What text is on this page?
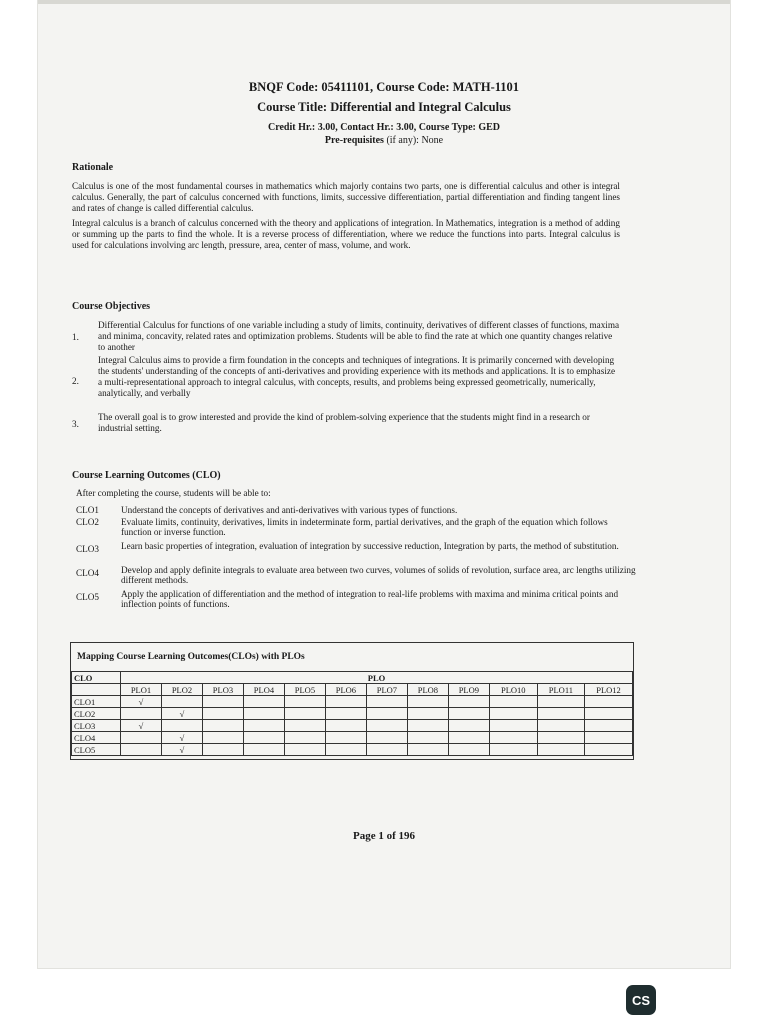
BNQF Code: 05411101, Course Code: MATH-1101
Course Title: Differential and Integral Calculus
Credit Hr.: 3.00, Contact Hr.: 3.00, Course Type: GED
Pre-requisites (if any): None
Rationale
Calculus is one of the most fundamental courses in mathematics which majorly contains two parts, one is differential calculus and other is integral calculus. Generally, the part of calculus concerned with functions, limits, successive differentiation, partial differentiation and finding tangent lines and rates of change is called differential calculus.
Integral calculus is a branch of calculus concerned with the theory and applications of integration. In Mathematics, integration is a method of adding or summing up the parts to find the whole. It is a reverse process of differentiation, where we reduce the functions into parts. Integral calculus is used for calculations involving arc length, pressure, area, center of mass, volume, and work.
Course Objectives
1.
Differential Calculus for functions of one variable including a study of limits, continuity, derivatives of different classes of functions, maxima and minima, concavity, related rates and optimization problems. Students will be able to find the rate at which one quantity changes relative to another
2.
Integral Calculus aims to provide a firm foundation in the concepts and techniques of integrations. It is primarily concerned with developing the students' understanding of the concepts of anti-derivatives and providing experience with its methods and applications. It is to emphasize a multi-representational approach to integral calculus, with concepts, results, and problems being expressed geometrically, numerically, analytically, and verbally
3.
The overall goal is to grow interested and provide the kind of problem-solving experience that the students might find in a research or industrial setting.
Course Learning Outcomes (CLO)
After completing the course, students will be able to:
CLO1	Understand the concepts of derivatives and anti-derivatives with various types of functions.
CLO2	Evaluate limits, continuity, derivatives, limits in indeterminate form, partial derivatives, and the graph of the equation which follows function or inverse function.
CLO3	Learn basic properties of integration, evaluation of integration by successive reduction, Integration by parts, the method of substitution.
CLO4	Develop and apply definite integrals to evaluate area between two curves, volumes of solids of revolution, surface area, arc lengths utilizing different methods.
CLO5	Apply the application of differentiation and the method of integration to real-life problems with maxima and minima critical points and inflection points of functions.
Mapping Course Learning Outcomes(CLOs) with PLOs
CLO	PLO											
	PLO1	PLO2	PLO3	PLO4	PLO5	PLO6	PLO7	PLO8	PLO9	PLO10	PLO11	PLO12
CLO1	√											
CLO2		√										
CLO3	√											
CLO4		√										
CLO5		√										
Page 1 of 196
CS
